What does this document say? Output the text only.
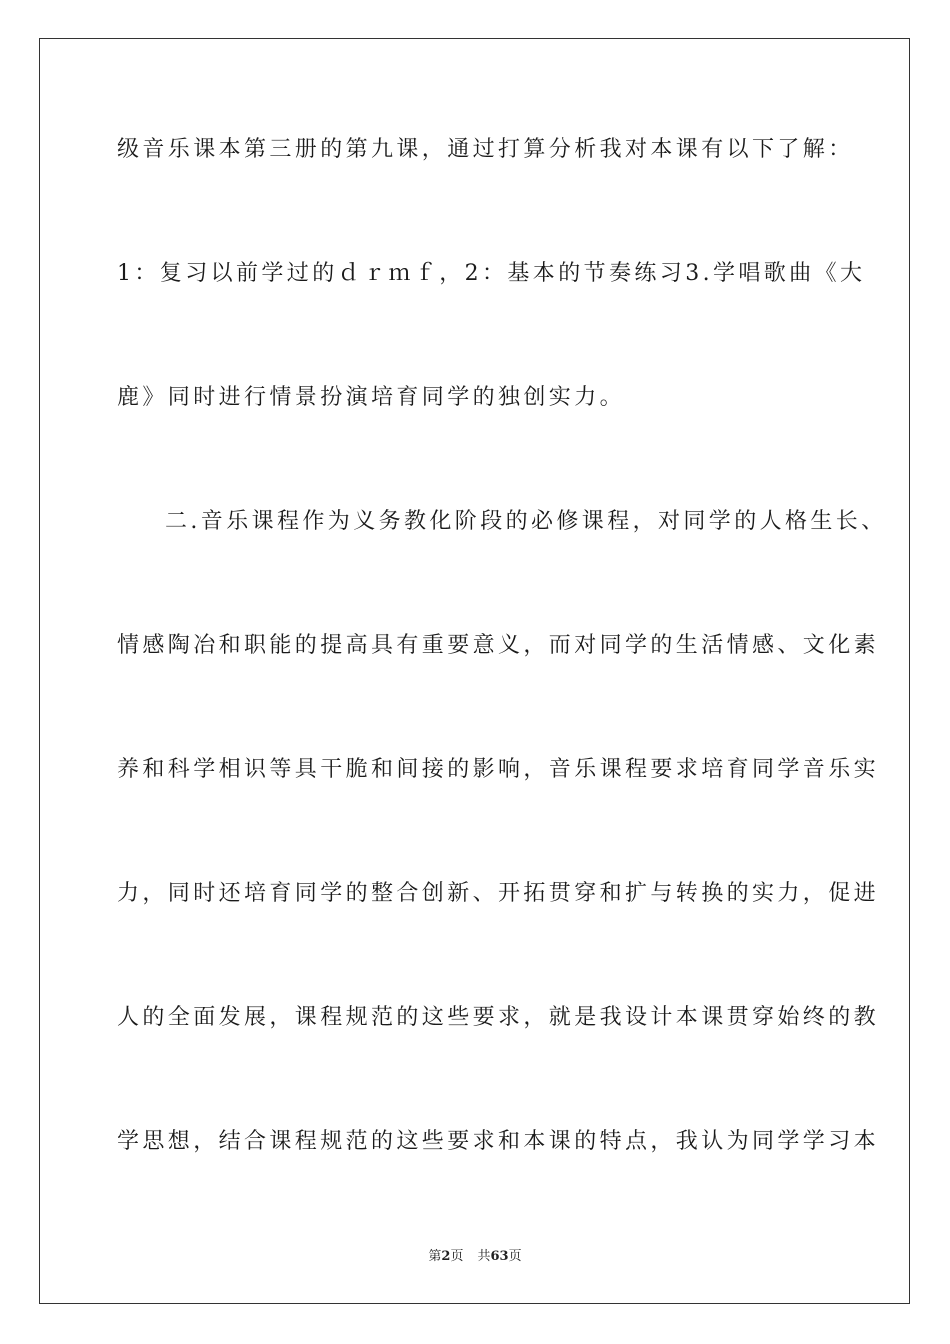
级音乐课本第三册的第九课，通过打算分析我对本课有以下了解：
1：复习以前学过的ｄｒｍｆ，2：基本的节奏练习3.学唱歌曲《大
鹿》同时进行情景扮演培育同学的独创实力。
二.音乐课程作为义务教化阶段的必修课程，对同学的人格生长、
情感陶冶和职能的提高具有重要意义，而对同学的生活情感、文化素
养和科学相识等具干脆和间接的影响，音乐课程要求培育同学音乐实
力，同时还培育同学的整合创新、开拓贯穿和扩与转换的实力，促进
人的全面发展，课程规范的这些要求，就是我设计本课贯穿始终的教
学思想，结合课程规范的这些要求和本课的特点，我认为同学学习本
第2页 共63页
